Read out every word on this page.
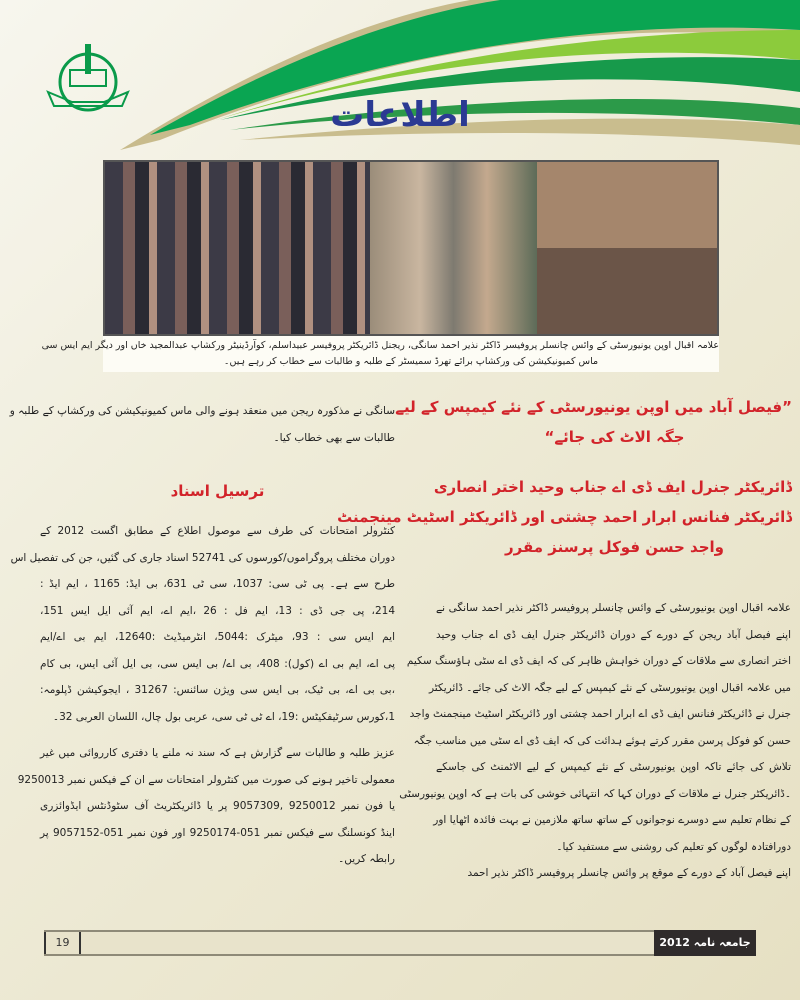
اطلاعات
علامہ اقبال اوپن یونیورسٹی کے وائس چانسلر پروفیسر ڈاکٹر نذیر احمد سانگی، ریجنل ڈائریکٹر پروفیسر عبیداسلم، کوآرڈینیٹر ورکشاپ عبدالمجید خاں اور دیگر ایم ایس سی
ماس کمیونیکیشن کی ورکشاپ برائے تھرڈ سمیسٹر کے طلبہ و طالبات سے خطاب کر رہے ہیں۔
”فیصل آباد میں اوپن یونیورسٹی کے نئے کیمپس کے لیے
جگہ الاٹ کی جائے“
ڈائریکٹر جنرل ایف ڈی اے جناب وحید اختر انصاری
ڈائریکٹر فنانس ابرار احمد چشتی اور ڈائریکٹر اسٹیٹ مینجمنٹ
واجد حسن فوکل پرسنز مقرر
علامہ اقبال اوپن یونیورسٹی کے وائس چانسلر پروفیسر ڈاکٹر نذیر احمد سانگی نے
اپنے فیصل آباد ریجن کے دورے کے دوران ڈائریکٹر جنرل ایف ڈی اے جناب وحید
اختر انصاری سے ملاقات کے دوران خواہش ظاہر کی کہ ایف ڈی اے سٹی ہاؤسنگ سکیم
میں علامہ اقبال اوپن یونیورسٹی کے نئے کیمپس کے لیے جگہ الاٹ کی جائے۔ ڈائریکٹر
جنرل نے ڈائریکٹر فنانس ایف ڈی اے ابرار احمد چشتی اور ڈائریکٹر اسٹیٹ مینجمنٹ واجد
حسن کو فوکل پرسن مقرر کرتے ہوئے ہدائت کی کہ ایف ڈی اے سٹی میں مناسب جگہ
تلاش کی جائے تاکہ اوپن یونیورسٹی کے نئے کیمپس کے لیے الاٹمنٹ کی جاسکے
۔ڈائریکٹر جنرل نے ملاقات کے دوران کہا کہ انتہائی خوشی کی بات ہے کہ اوپن یونیورسٹی
کے نظام تعلیم سے دوسرے نوجوانوں کے ساتھ ساتھ ملازمین نے بہت فائدہ اٹھایا اور
دورافتادہ لوگوں کو تعلیم کی روشنی سے مستفید کیا۔
اپنے فیصل آباد کے دورے کے موقع پر وائس چانسلر پروفیسر ڈاکٹر نذیر احمد
سانگی نے مذکورہ ریجن میں منعقد ہونے والی ماس کمیونیکیشن کی ورکشاپ کے طلبہ و
طالبات سے بھی خطاب کیا۔
ترسیل اسناد
کنٹرولر امتحانات کی طرف سے موصول اطلاع کے مطابق اگست 2012 کے
دوران مختلف پروگراموں/کورسوں کی 52741 اسناد جاری کی گئیں، جن کی تفصیل اس
طرح سے ہے۔ پی ٹی سی: 1037، سی ٹی 631، بی ایڈ: 1165 ، ایم ایڈ :
214، پی جی ڈی : 13، ایم فل : 26 ،ایم اے، ایم آئی ایل ایس 151،
ایم ایس سی : 93، میٹرک :5044، انٹرمیڈیٹ :12640، ایم بی اے/ایم
پی اے، ایم بی اے (کول): 408، بی اے/ بی ایس سی، بی ایل آئی ایس، بی کام
،بی بی اے، بی ٹیک، بی ایس سی ویژن سائنس: 31267 ، ایجوکیشن ڈپلومہ:
1،کورس سرٹیفکیٹس :19، اے ٹی ٹی سی، عربی بول چال، اللسان العربی 32۔
عزیز طلبہ و طالبات سے گزارش ہے کہ سند نہ ملنے یا دفتری کارروائی میں غیر
معمولی تاخیر ہونے کی صورت میں کنٹرولر امتحانات سے ان کے فیکس نمبر 9250013
یا فون نمبر 9250012 ,9057309 پر یا ڈائریکٹریٹ آف سٹوڈنٹس ایڈوائزری
اینڈ کونسلنگ سے فیکس نمبر 051-9250174 اور فون نمبر 051-9057152 پر
رابطہ کریں۔
19	جامعہ نامہ 2012
